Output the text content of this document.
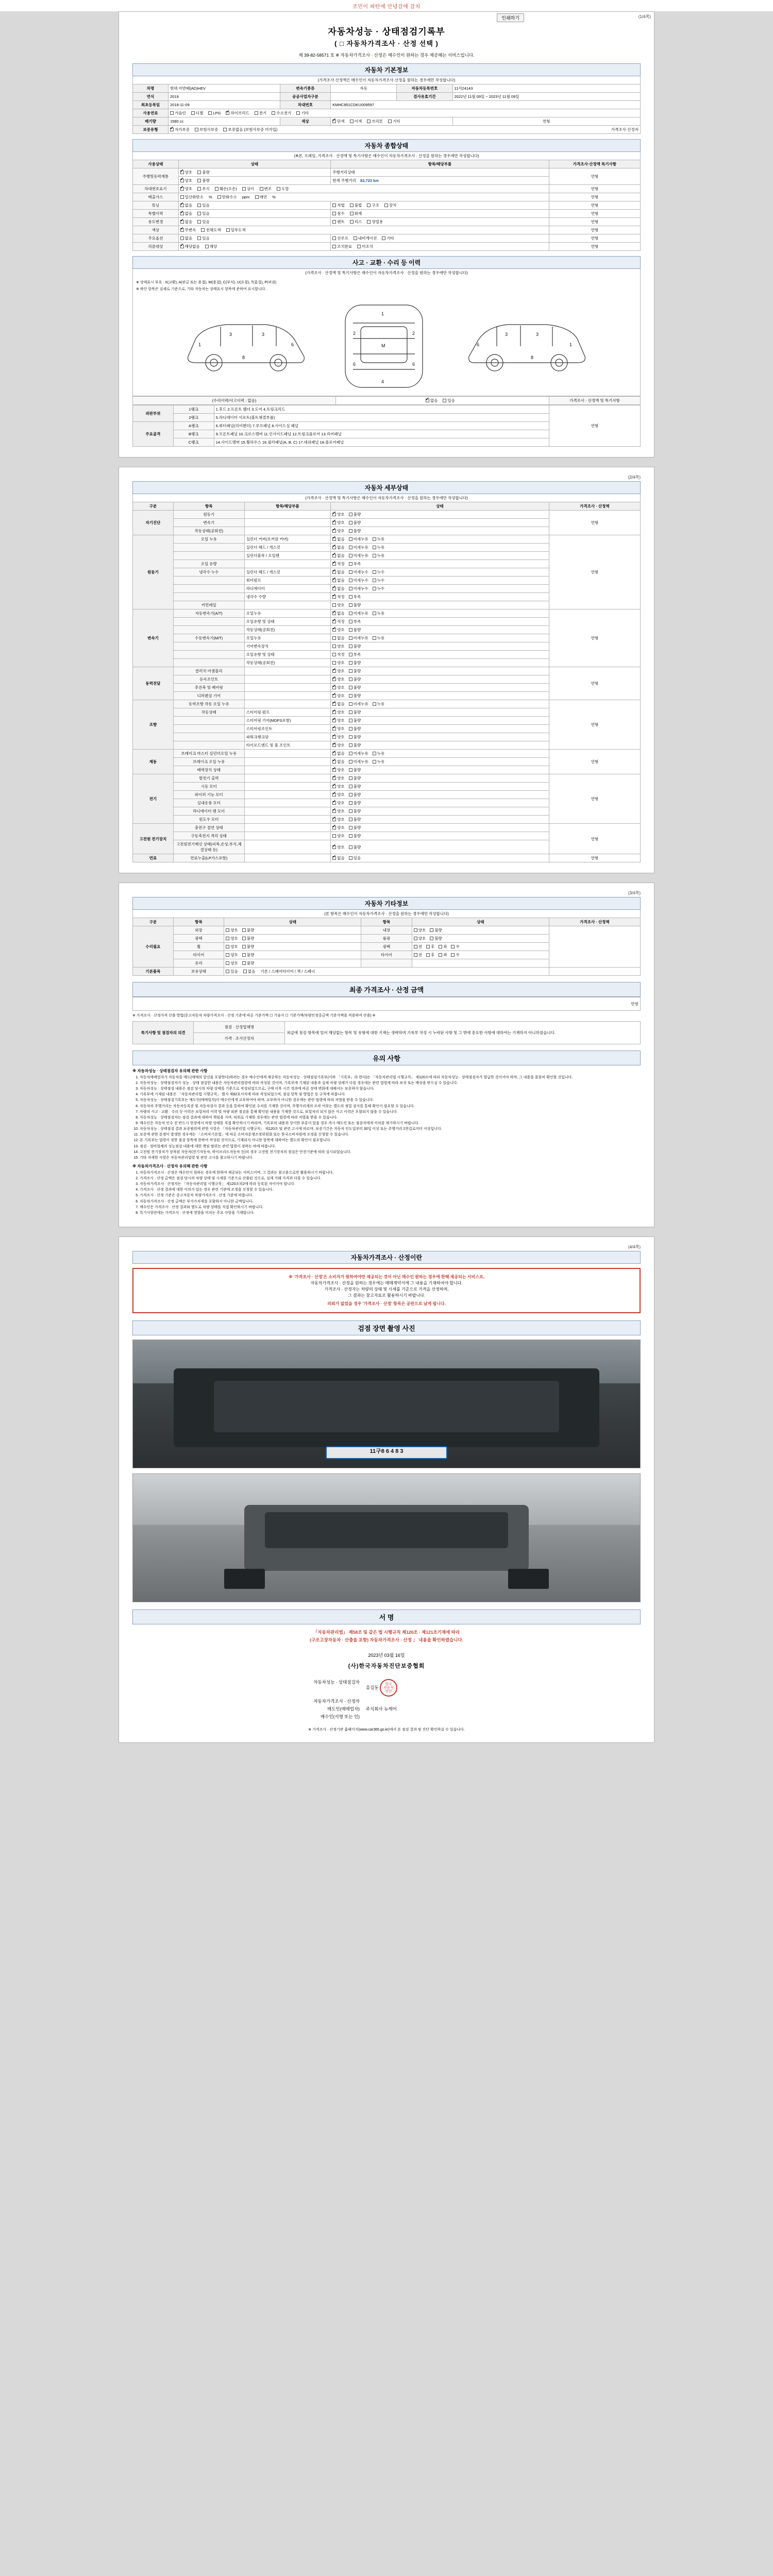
조민이 파탄에 안녕감에 감치
인쇄하기	(1/4쪽)
자동차성능 · 상태점검기록부
( □ 자동차가격조사 · 산정 선택 )
제 39-82-58571 호 ※ 자동차가격조사 · 산정은 매수인이 원하는 경우 제공해는 서비스입니다.
자동차 기본정보
(가격조사·산정액은 매수인이 자동차가격조사·산정을 원하는 경우에만 작성합니다)
차명	현대 아반떼(AD)HEV	변속기종류	자동	자동차등록번호	11서24143
연식	2019	공공사업자구분		검사유효기간	2022년 11월 09일 ~ 2023년 11월 09일
최초등록일	2018-11-09	차대번호	KMHC851CDKU009597		
사용연료	가솔린 디젤 LPG ✔ 하이브리드 전기 수소전기 기타
배기량	1580 cc	색상	✔단색 이색 쓰리톤 기타		연형
보증유형	✔자가보증 보험사보증 보증없음 (보험사보증 미가입) 가격조사·산정자
자동차 종합상태
(※본, 프레임, 가격조사 · 산정액 및 특기사항은 매수인이 자동차가격조사 · 산정을 원하는 경우에만 작성합니다)
사용상태	상태	항목/해당부품	가격조사·산정액 특기사항
주행및동력계통	✔양호 불량	주행거리상태	연형
✔양호 불량	현재 주행거리 82,723 km	
차대번호표기	✔양호 부식 훼손(오손) 상이 변조 도말		연형
배출가스	일산화탄소 % 탄화수소 ppm 매연 %		연형
튜닝	✔없음 있음	적법 불법 구조 장치	연형
특별이력	✔없음 있음	침수 화재	연형
용도변경	✔없음 있음	렌트 리스 영업용	연형
색상	✔무변속 전체도색 일부도색		연형
주요옵션	없음 있음	선루프 내비게이션 기타	연형
리콜대상	✔해당없음 해당	조치완료 미조치	연형
사고 · 교환 · 수리 등 이력
(가격조사 · 산정액 및 특기사항은 매수인이 자동차가격조사 · 산정을 원하는 경우에만 작성합니다)
※ 상태표시 부호 : X(교환), A(판금 또는 용접), W(용접), C(부식), U(요철), T(흠집), P(퍼짐)
※ 하단 항목은 실제로 기준으로, 기타 자동차는 상태표시 항목에 준하여 표시합니다.
1
3	3
6
8
1
2	2
M
6	6
4
1
3
3
6
8
(수리이력/사고이력 : 없음)	✔없음	있음	가격조사 · 산정액 및 특기사항
외판부위	1랭크	1.후드 2.프론트 휀더 3.도어 4.트렁크리드	연형
	2랭크	5.라디에이터 서포트(볼트체결부품)	
주요골격	A랭크	6.쿼터패널(리어펜더) 7.루프패널 8.사이드실 패널	
	B랭크	9.프론트패널 10.크로스멤버 11.인사이드패널 12.트렁크플로어 13.리어패널	
	C랭크	14.사이드멤버 15.휠하우스 16.필러패널(A, B, C) 17.대쉬패널 18.플로어패널	
(2/4쪽)
자동차 세부상태
(가격조사 · 산정액 및 특기사항은 매수인이 자동차가격조사 · 산정을 원하는 경우에만 작성합니다)
구분	항목	항목/해당부품	상태	가격조사 · 산정액
자기진단	원동기		✔양호 불량	연형
	변속기		✔양호 불량
	작동상태(공회전)		✔양호 불량
원동기	오일 누유	실린더 커버(로커암 커버)	✔없음 미세누유 누유	연형
		실린더 헤드 / 개스킷	✔없음 미세누유 누유
		실린더블록 / 오일팬	✔없음 미세누유 누유
	오일 유량		✔적정 부족
	냉각수 누수	실린더 헤드 / 개스킷	✔없음 미세누수 누수
		워터펌프	✔없음 미세누수 누수
		라디에이터	✔없음 미세누수 누수
		냉각수 수량	✔적정 부족
	커먼레일		양호 불량	
변속기	자동변속기(A/T)	오일누유	✔없음 미세누유 누유	연형
		오일유량 및 상태	✔적정 부족
		작동상태(공회전)	✔양호 불량
	수동변속기(M/T)	오일누유	없음 미세누유 누유	
		기어변속장치	양호 불량	
		오일유량 및 상태	적정 부족	
		작동상태(공회전)	양호 불량	
동력전달	클러치 어셈블리		✔양호 불량	연형
	등속조인트		✔양호 불량
	추진축 및 베어링		✔양호 불량
	디퍼렌셜 기어		✔양호 불량
조향	동력조향 작동 오일 누유		✔없음 미세누유 누유	연형
	작동상태	스티어링 펌프	✔양호 불량
		스티어링 기어(MDPS포함)	✔양호 불량
		스티어링조인트	✔양호 불량
		파워크랭크암	✔양호 불량
		타이로드엔드 및 볼 조인트	✔양호 불량
제동	브레이크 마스터 실린더오일 누유		✔없음 미세누유 누유	연형
	브레이크 오일 누유		✔없음 미세누유 누유
	배력장치 상태		✔양호 불량
전기	발전기 출력		✔양호 불량	연형
	시동 모터		✔양호 불량
	와이퍼 기능 모터		✔양호 불량
	실내송풍 모터		✔양호 불량
	라디에이터 팬 모터		✔양호 불량
	윈도우 모터		✔양호 불량
고전원 전기장치	충전구 절연 상태		✔양호 불량	연형
	구동축전지 격리 상태		양호 불량	
	고전원전기배선 상태(피복,손상,부식,체결상태 등)		✔양호 불량
연료	연료누출(LP가스포함)		✔없음 있음	연형
(3/4쪽)
자동차 기타정보
(본 항목은 매수인이 자동차가격조사 · 산정을 원하는 경우에만 작성합니다)
구분	항목	상태	항목	상태	가격조사 · 산정액
수리필요	외장	양호 불량	내장	양호 불량	
	광택	양호 불량	룸광	양호 불량	
	휠	양호 불량	광택	전 후 좌 우	
	타이어	양호 불량	타이어	전 후 좌 우	
	유리	양호 불량			
기본품목	보유상태	있음 없음 기본 / 스페어타이어 / 잭 / 스패너			
최종 가격조사 · 산정 금액
만원
※ 가격조사 · 산정가격 산출 방법(중고자동차 차량가격조사 · 산정 기준에 따른 기준가액 ☐ 기술사 ☐ 기준가액/차량인정중금액 기준가액을 적용하여 산출) ※
특기사항 및 점검자의 의견	점검 · 산정업체명	외급에 점검·항목에 있어 해당없는 항목 및 유형에 대한 기재는 생략하며 기록부 작성 시 누락된 사항 및 그 밖에 중요한 사항에 대하여는 기재하지 아니하였습니다.
가격 · 조사산정자
유의 사항
※ 자동차성능 · 상태점검자 유의해 관한 사항
1. 자동차매매업자가 자동차를 매도(매매의 알선을 포함한다)하려는 경우 매수인에게 제공하는 자동차성능 · 상태점검기록부(이하 「기록부」라 한다)는 「자동차관리법 시행규칙」 제120조에 따라 자동차성능 · 상태점검자가 발급한 것이어야 하며, 그 내용을 꼼꼼히 확인할 것입니다.
2. 자동차성능 · 상태점검자가 성능 · 상태 점검한 내용은 자동차관리법령에 따라 작성된 것이며, 기록부에 기재된 내용과 실제 차량 상태가 다를 경우에는 관련 법령에 따라 보상 또는 배상을 받으실 수 있습니다.
3. 자동차성능 · 상태점검 내용은 점검 당시의 차량 상태를 기준으로 작성되었으므로, 구매 이후 시간 경과에 따른 상태 변화에 대해서는 보증하지 않습니다.
4. 기록부에 기재된 내용은 「자동차관리법 시행규칙」 별지 제82호서식에 따라 작성되었으며, 점검 항목 및 방법은 동 규칙에 따릅니다.
5. 자동차성능 · 상태점검기록부는 매도인(매매업자)이 매수인에게 교부하여야 하며, 교부하지 아니한 경우에는 관련 법령에 따라 처벌을 받을 수 있습니다.
6. 자동차의 주행거리는 자동차등록증 및 자동차검사 결과 등을 통하여 확인된 수치를 기재한 것이며, 주행거리계의 조작 여부는 별도의 정밀 검사를 통해 확인이 필요할 수 있습니다.
7. 차량의 사고 · 교환 · 수리 등 이력은 보험처리 이력 및 차량 외관 점검을 통해 확인된 내용을 기재한 것으로, 보험처리 되지 않은 사고 이력은 포함되지 않을 수 있습니다.
8. 자동차성능 · 상태점검자는 점검 결과에 대하여 책임을 지며, 허위로 기재한 경우에는 관련 법령에 따라 처벌을 받을 수 있습니다.
9. 매수인은 자동차 인수 전 반드시 현장에서 차량 상태를 직접 확인하시기 바라며, 기록부의 내용과 상이한 부분이 있을 경우 즉시 매도인 또는 점검자에게 이의를 제기하시기 바랍니다.
10. 자동차성능 · 상태점검 결과 보증범위에 관한 사항은 「자동차관리법 시행규칙」 제120조 및 관련 고시에 따르며, 보증기간은 자동차 인도일부터 30일 이상 또는 주행거리 2천킬로미터 이상입니다.
11. 보증에 관한 분쟁이 발생한 경우에는 「소비자기본법」에 따른 소비자분쟁조정위원회 또는 한국소비자원에 조정을 신청할 수 있습니다.
12. 본 기록부는 법령이 정한 점검 항목에 한하여 작성된 것이므로, 기재되지 아니한 항목에 대하여는 별도의 확인이 필요합니다.
13. 점검 · 정비업체의 성능점검 내용에 대한 책임 범위는 관련 법령이 정하는 바에 따릅니다.
14. 고전원 전기장치가 장착된 자동차(전기자동차, 하이브리드자동차 등)의 경우 고전원 전기장치의 점검은 안전기준에 따라 실시되었습니다.
15. 기타 자세한 사항은 자동차관리법령 및 관련 고시를 참고하시기 바랍니다.
※ 자동차가격조사 · 산정자 유의해 관한 사항
1. 자동차가격조사 · 산정은 매수인이 원하는 경우에 한하여 제공되는 서비스이며, 그 결과는 참고용으로만 활용하시기 바랍니다.
2. 가격조사 · 산정 금액은 점검 당시의 차량 상태 및 시세를 기준으로 산출된 것으로, 실제 거래 가격과 다를 수 있습니다.
3. 자동차가격조사 · 산정자는 「자동차관리법 시행규칙」 제120조의2에 따라 등록된 자이어야 합니다.
4. 가격조사 · 산정 결과에 대한 이의가 있는 경우 관련 기관에 조정을 신청할 수 있습니다.
5. 가격조사 · 산정 기준은 중고자동차 차량가격조사 · 산정 기준에 따릅니다.
6. 자동차가격조사 · 산정 금액은 부가가치세를 포함하지 아니한 금액입니다.
7. 매수인은 가격조사 · 산정 결과와 별도로 차량 상태를 직접 확인하시기 바랍니다.
8. 특기사항란에는 가격조사 · 산정에 영향을 미치는 주요 사항을 기재합니다.
(4/4쪽)
자동차가격조사 · 산정이란
※ '가격조사 · 산정'은 소비자가 원하여야만 제공되는 것이 아닌 매수인 원하는 경우에 한해 제공되는 서비스로,
자동차가격조사 · 산정을 원하는 경우에는 매매계약서에 그 내용을 기재하여야 합니다.
가격조사 · 산정자는 차량의 상태 및 시세를 기준으로 가격을 산정하며,
그 결과는 참고자료로 활용하시기 바랍니다.
의뢰가 없었을 경우 '가격조사 · 산정' 항목은 공란으로 남게 됩니다.
검점 장면 촬영 사진
11구8 6 4 8 3
서 명
「자동차관리법」 제58조 및 같은 법 시행규칙 제120조 · 제121조기재에 따라
(구조고장자동차 · 산출을 포함) 자동차가격조사 · 산정 」 내용을 확인하였습니다.
2023년 03월 16일
(사)한국자동차진단보증협회
자동차성능 · 상태점검자
홍길동 한국
자동차
진단
자동차가격조사 · 산정자
매도인(매매업자)	주식회사 뉴케어
매수인(서명 또는 인)
※ 가격조사 · 산정기관 홈페이지(www.car365.go.kr)에서 본 점검 결과 및 진단 확인하실 수 있습니다.
